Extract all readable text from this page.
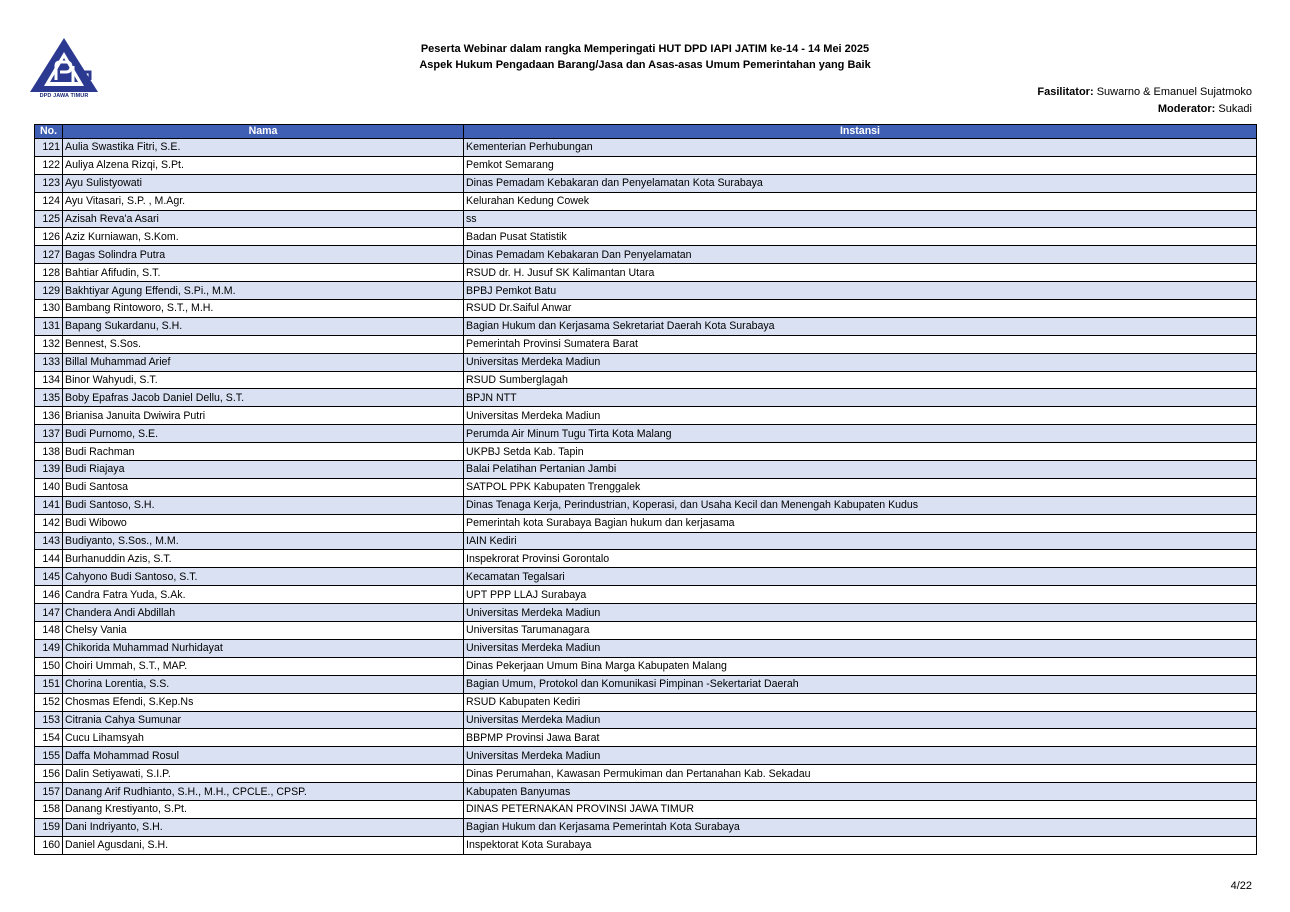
DPD JAWA TIMUR
Peserta Webinar dalam rangka Memperingati HUT DPD IAPI JATIM ke-14 - 14 Mei 2025
Aspek Hukum Pengadaan Barang/Jasa dan Asas-asas Umum Pemerintahan yang Baik
Fasilitator: Suwarno & Emanuel Sujatmoko
Moderator: Sukadi
No.	Nama	Instansi
121	Aulia Swastika Fitri, S.E.	Kementerian Perhubungan
122	Auliya Alzena Rizqi, S.Pt.	Pemkot Semarang
123	Ayu Sulistyowati	Dinas Pemadam Kebakaran dan Penyelamatan Kota Surabaya
124	Ayu Vitasari, S.P. , M.Agr.	Kelurahan Kedung Cowek
125	Azisah Reva'a Asari	ss
126	Aziz Kurniawan, S.Kom.	Badan Pusat Statistik
127	Bagas Solindra Putra	Dinas Pemadam Kebakaran Dan Penyelamatan
128	Bahtiar Afifudin, S.T.	RSUD dr. H. Jusuf SK Kalimantan Utara
129	Bakhtiyar Agung Effendi, S.Pi., M.M.	BPBJ Pemkot Batu
130	Bambang Rintoworo, S.T., M.H.	RSUD Dr.Saiful Anwar
131	Bapang Sukardanu, S.H.	Bagian Hukum dan Kerjasama Sekretariat Daerah Kota Surabaya
132	Bennest, S.Sos.	Pemerintah Provinsi Sumatera Barat
133	Billal Muhammad Arief	Universitas Merdeka Madiun
134	Binor Wahyudi, S.T.	RSUD Sumberglagah
135	Boby Epafras Jacob Daniel Dellu, S.T.	BPJN NTT
136	Brianisa Januita Dwiwira Putri	Universitas Merdeka Madiun
137	Budi Purnomo, S.E.	Perumda Air Minum Tugu Tirta Kota Malang
138	Budi Rachman	UKPBJ Setda Kab. Tapin
139	Budi Riajaya	Balai Pelatihan Pertanian Jambi
140	Budi Santosa	SATPOL PPK Kabupaten Trenggalek
141	Budi Santoso, S.H.	Dinas Tenaga Kerja, Perindustrian, Koperasi, dan Usaha Kecil dan Menengah Kabupaten Kudus
142	Budi Wibowo	Pemerintah kota Surabaya Bagian hukum dan kerjasama
143	Budiyanto, S.Sos., M.M.	IAIN Kediri
144	Burhanuddin Azis, S.T.	Inspekrorat Provinsi Gorontalo
145	Cahyono Budi Santoso, S.T.	Kecamatan Tegalsari
146	Candra Fatra Yuda, S.Ak.	UPT PPP LLAJ Surabaya
147	Chandera Andi Abdillah	Universitas Merdeka Madiun
148	Chelsy Vania	Universitas Tarumanagara
149	Chikorida Muhammad Nurhidayat	Universitas Merdeka Madiun
150	Choiri Ummah, S.T., MAP.	Dinas Pekerjaan Umum Bina Marga Kabupaten Malang
151	Chorina Lorentia, S.S.	Bagian Umum, Protokol dan Komunikasi Pimpinan -Sekertariat Daerah
152	Chosmas Efendi, S.Kep.Ns	RSUD Kabupaten Kediri
153	Citrania Cahya Sumunar	Universitas Merdeka Madiun
154	Cucu Lihamsyah	BBPMP Provinsi Jawa Barat
155	Daffa Mohammad Rosul	Universitas Merdeka Madiun
156	Dalin Setiyawati, S.I.P.	Dinas Perumahan, Kawasan Permukiman dan Pertanahan Kab. Sekadau
157	Danang Arif Rudhianto, S.H., M.H., CPCLE., CPSP.	Kabupaten Banyumas
158	Danang Krestiyanto, S.Pt.	DINAS PETERNAKAN PROVINSI JAWA TIMUR
159	Dani Indriyanto, S.H.	Bagian Hukum dan Kerjasama Pemerintah Kota Surabaya
160	Daniel Agusdani, S.H.	Inspektorat Kota Surabaya
4/22
